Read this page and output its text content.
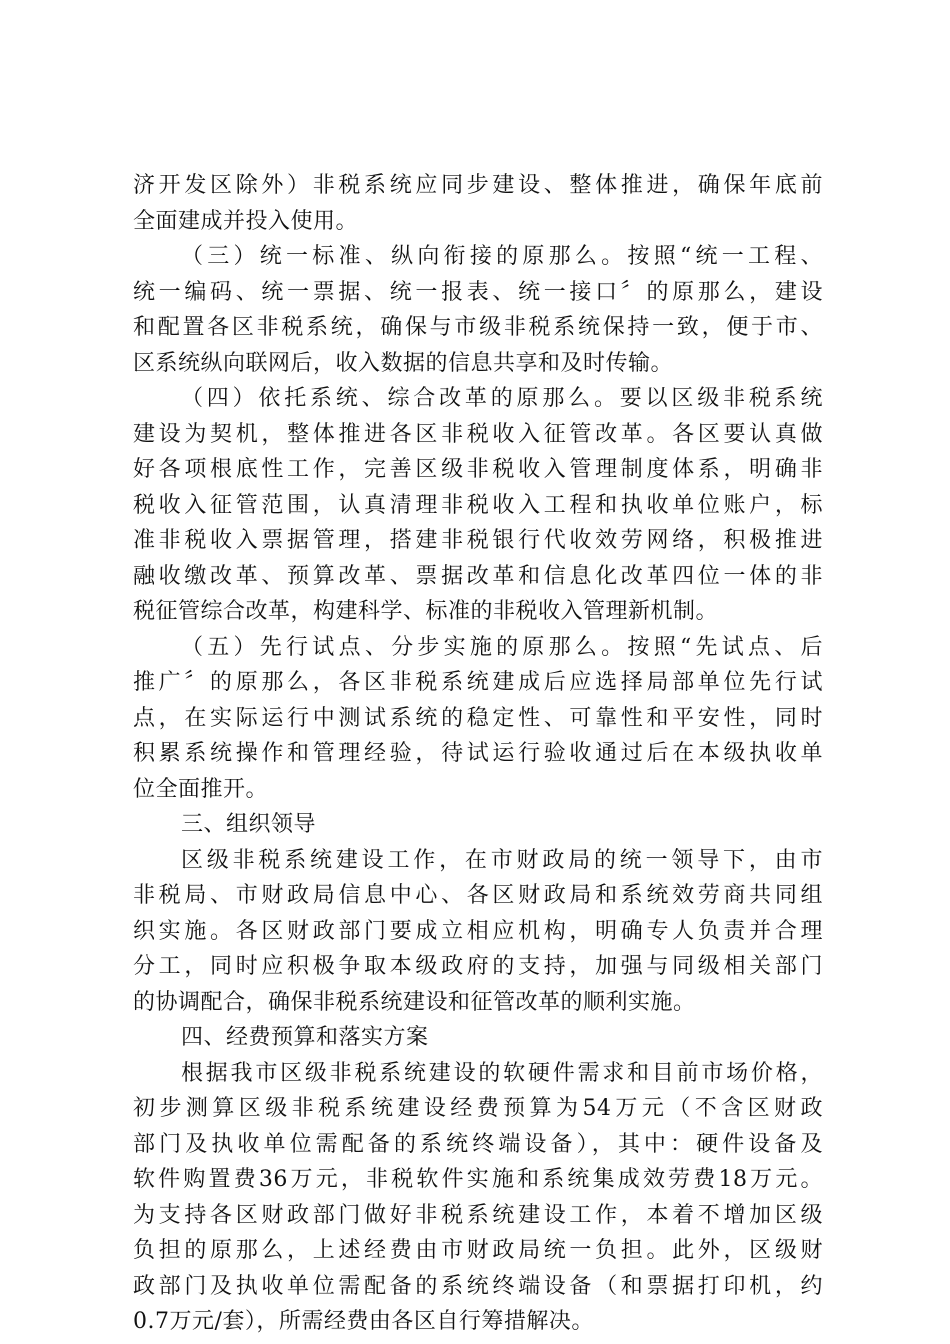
济开发区除外）非税系统应同步建设、整体推进，确保年底前
全面建成并投入使用。
（三）统一标准、纵向衔接的原那么。按照“统一工程、
统一编码、统一票据、统一报表、统一接口〞的原那么，建设
和配置各区非税系统，确保与市级非税系统保持一致，便于市、
区系统纵向联网后，收入数据的信息共享和及时传输。
（四）依托系统、综合改革的原那么。要以区级非税系统
建设为契机，整体推进各区非税收入征管改革。各区要认真做
好各项根底性工作，完善区级非税收入管理制度体系，明确非
税收入征管范围，认真清理非税收入工程和执收单位账户，标
准非税收入票据管理，搭建非税银行代收效劳网络，积极推进
融收缴改革、预算改革、票据改革和信息化改革四位一体的非
税征管综合改革，构建科学、标准的非税收入管理新机制。
（五）先行试点、分步实施的原那么。按照“先试点、后
推广〞的原那么，各区非税系统建成后应选择局部单位先行试
点，在实际运行中测试系统的稳定性、可靠性和平安性，同时
积累系统操作和管理经验，待试运行验收通过后在本级执收单
位全面推开。
三、组织领导
区级非税系统建设工作，在市财政局的统一领导下，由市
非税局、市财政局信息中心、各区财政局和系统效劳商共同组
织实施。各区财政部门要成立相应机构，明确专人负责并合理
分工，同时应积极争取本级政府的支持，加强与同级相关部门
的协调配合，确保非税系统建设和征管改革的顺利实施。
四、经费预算和落实方案
根据我市区级非税系统建设的软硬件需求和目前市场价格，
初步测算区级非税系统建设经费预算为54万元（不含区财政
部门及执收单位需配备的系统终端设备），其中：硬件设备及
软件购置费36万元，非税软件实施和系统集成效劳费18万元。
为支持各区财政部门做好非税系统建设工作，本着不增加区级
负担的原那么，上述经费由市财政局统一负担。此外，区级财
政部门及执收单位需配备的系统终端设备（和票据打印机，约
0.7万元/套），所需经费由各区自行筹措解决。
